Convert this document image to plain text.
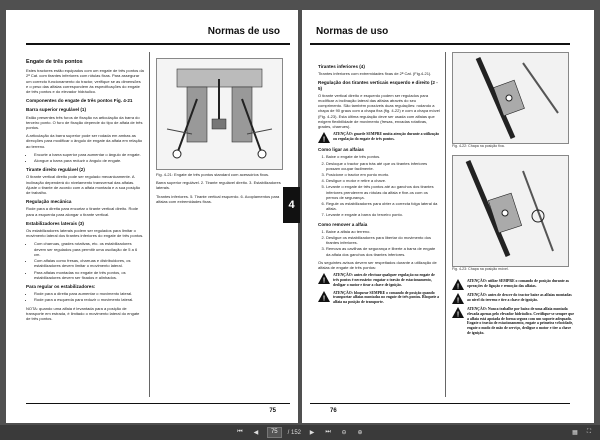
Normas de uso
Engate de três pontos

Estes tractores estão equipados com um engate de três pontos da 2ª Cat. com tirantes inferiores com rótulas fixas. Para assegurar um correcto funcionamento do tractor, verifique se as dimensões e o peso das alfaias correspondem às especificações do engate de três pontos e do elevador hidráulico.

Componentes do engate de três pontos Fig. 4-21
Barra superior regulável (1)

Estão presentes três furos de fixação na articulação da barra do terceiro ponto. O furo de fixação depende do tipo de alfaia de três pontos.

A articulação da barra superior pode ser rodada em ambas as direcções para modificar o ângulo de engate da alfaia em relação ao terreno.

• Encurte a barra superior para aumentar o ângulo de engate.
• Alongue a barra para reduzir o ângulo de engate.
Tirante direito regulável (2)

O tirante vertical direito pode ser regulado mecanicamente. A inclinação dependerá do nivelamento transversal das alfaias. Ajuste o tirante de acordo com a alfaia montada e a sua posição de trabalho.

Regulação mecânica

Rode para a direita para encurtar o tirante vertical direito. Rode para a esquerda para alongar o tirante vertical.

Estabilizadores laterais (3)

Os estabilizadores laterais podem ser regulados para limitar o movimento lateral dos tirantes inferiores do engate de três pontos.

• Com charruas, grades rotativas, etc. os estabilizadores devem ser regulados para permitir uma oscilação de 5 a 6 cm.
• Com alfaias como fresas, charruas e distribuidores, os estabilizadores devem limitar o movimento lateral.
• Para alfaias montadas no engate de três pontos, os estabilizadores devem ser fixados e alinhados.
Para regular os estabilizadores:
• Rode para a direita para aumentar o movimento lateral.
• Rode para a esquerda para reduzir o movimento lateral.

NOTA: quando uma alfaia é levantada para a posição de transporte em estrada, é limitado o movimento lateral do engate de três pontos.

Fig. 4-21: Engate de três pontos standard com acessórios fixos.

Barra superior regulável. 2. Tirante regulável direito. 3. Estabilizadores laterais.

Tirantes inferiores. 5. Tirante vertical esquerdo. 6. Acoplamentos para alfaias com extremidades fixas.

75
Normas de uso
Tirantes inferiores (4)

Tirantes inferiores com extremidades fixas de 2ª Cat. (Fig.4-21).

Regulação dos tirantes verticais esquerdo e direito (2 - 5)

O tirante vertical direito e esquerdo podem ser regulados para modificar a inclinação lateral das alfaias através do seu comprimento. São também possíveis duas regulações: rodando a chapa de 90 graus com a chapa fixa (fig. 4-22) e com a chapa móvel (Fig. 4-23). Esta última regulação deve ser usada com alfaias que exigem flexibilidade de movimento (fresas, enxadas rotativas, grades, charrues).

!
ATENÇÃO: guarde SEMPRE muita atenção durante a utilização ou regulação do engate de três pontos.
Como ligar as alfaias
1. Baixe o engate de três pontos.
2. Desloque o tractor para trás até que os tirantes inferiores possam ocupar facilmente.
3. Posicione o tractor em ponto morto.
4. Desligue o motor e retire a chave.
5. Levante o engate de três pontos até ao ganchos dos tirantes inferiores prenderem as rótulas da alfaia e fixe-os com os pernos de segurança.
6. Regule os estabilizadores para obter a correcta folga lateral da alfaia.
7. Levante e engate a barra do terceiro ponto.
Como remover a alfaia
1. Baixe a alfaia ao terreno.
2. Desligue os estabilizadores para libertar do movimento dos tirantes inferiores.
3. Remova as cavilhas de segurança e liberte a barra de engate da alfaia dos ganchos dos tirantes inferiores.

Os seguintes avisos devem ser respeitados durante a utilização de alfaias de engate de três pontos:

!
ATENÇÃO: antes de efectuar qualquer regulação no engate de três pontos é necessário: engatar o travão de estacionamento, desligar o motor e tirar a chave de ignição.
!
ATENÇÃO: bloquear SEMPRE o comando de posição quando transportar alfaias montadas no engate de três pontos. Bloqueie a alfaia na posição de transporte.
Fig. 4-22: Chapa na posição fixa.
Fig. 4-23: Chapa na posição móvel.
!
ATENÇÃO: utilize SEMPRE o comando de posição durante as operações de ligação e remoção das alfaias.
!
ATENÇÃO: antes de descer do tractor baixe as alfaias montadas ao nível do terreno e tire a chave de ignição.
!
ATENÇÃO: Nunca trabalhe por baixo de uma alfaia montada elevada apenas pelo elevador hidráulico. Certifique-se sempre que a alfaia está apoiada de forma segura com um suporte adequado. Engate o travão de estacionamento, engate a primeira velocidade, engate o modo de mão de serviço, desligue o motor e tire a chave de ignição.
76
4
⏮	◀	75	/ 152	▶	⏭	⊖	⊕	▦	⛶
